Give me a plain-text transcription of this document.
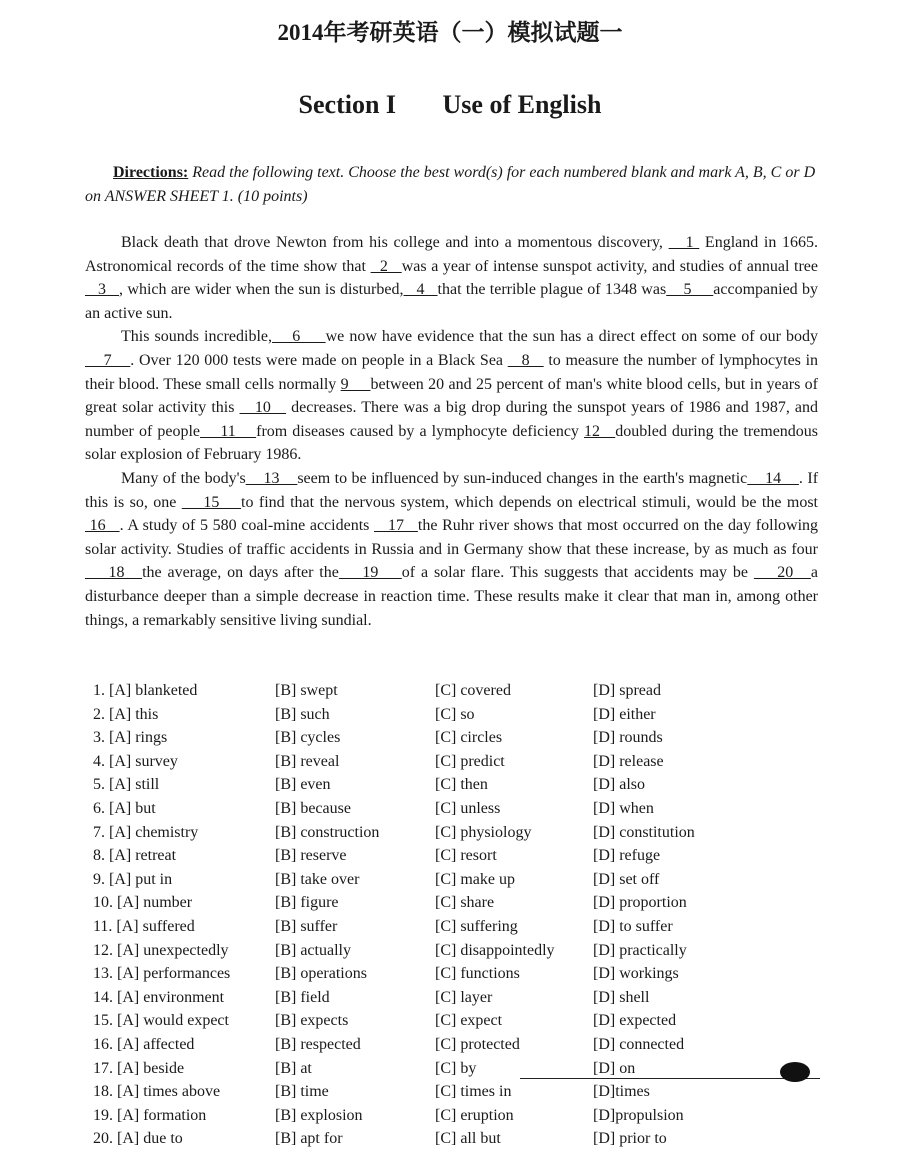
2014年考研英语（一）模拟试题一
Section I Use of English
Directions: Read the following text. Choose the best word(s) for each numbered blank and mark A, B, C or D on ANSWER SHEET 1. (10 points)

Black death that drove Newton from his college and into a momentous discovery,    1  England in 1665. Astronomical records of the time show that   2   was a year of intense sunspot activity, and studies of annual tree   3   , which are wider when the sun is disturbed,   4   that the terrible plague of 1348 was    5     accompanied by an active sun.

This sounds incredible,    6     we now have evidence that the sun has a direct effect on some of our body    7    . Over 120 000 tests were made on people in a Black Sea    8    to measure the number of lymphocytes in their blood. These small cells normally 9     between 20 and 25 percent of man's white blood cells, but in years of great solar activity this    10    decreases. There was a big drop during the sunspot years of 1986 and 1987, and number of people    11    from diseases caused by a lymphocyte deficiency 12   doubled during the tremendous solar explosion of February 1986.

Many of the body's    13    seem to be influenced by sun-induced changes in the earth's magnetic    14    . If this is so, one     15    to find that the nervous system, which depends on electrical stimuli, would be the most  16   . A study of 5 580 coal-mine accidents    17   the Ruhr river shows that most occurred on the day following solar activity. Studies of traffic accidents in Russia and in Germany show that these increase, by as much as four     18   the average, on days after the    19    of a solar flare. This suggests that accidents may be     20   a disturbance deeper than a simple decrease in reaction time. These results make it clear that man in, among other things, a remarkably sensitive living sundial.

1. [A] blanketed	[B] swept	[C] covered	[D] spread
2. [A] this	[B] such	[C] so	[D] either
3. [A] rings	[B] cycles	[C] circles	[D] rounds
4. [A] survey	[B] reveal	[C] predict	[D] release
5. [A] still	[B] even	[C] then	[D] also
6. [A] but	[B] because	[C] unless	[D] when
7. [A] chemistry	[B] construction	[C] physiology	[D] constitution
8. [A] retreat	[B] reserve	[C] resort	[D] refuge
9. [A] put in	[B] take over	[C] make up	[D] set off
10. [A] number	[B] figure	[C] share	[D] proportion
11. [A] suffered	[B] suffer	[C] suffering	[D] to suffer
12. [A] unexpectedly	[B] actually	[C] disappointedly [D] practically
13. [A] performances	[B] operations	[C] functions	[D] workings
14. [A] environment	[B] field	[C] layer	[D] shell
15. [A] would expect	[B] expects	[C] expect	[D] expected
16. [A] affected	[B] respected	[C] protected	[D] connected
17. [A] beside	[B] at	[C] by	[D] on
18. [A] times above	[B] time	[C] times in	[D]times
19. [A] formation	[B] explosion	[C] eruption	[D]propulsion
20. [A] due to	[B] apt for	[C] all but	[D] prior to
